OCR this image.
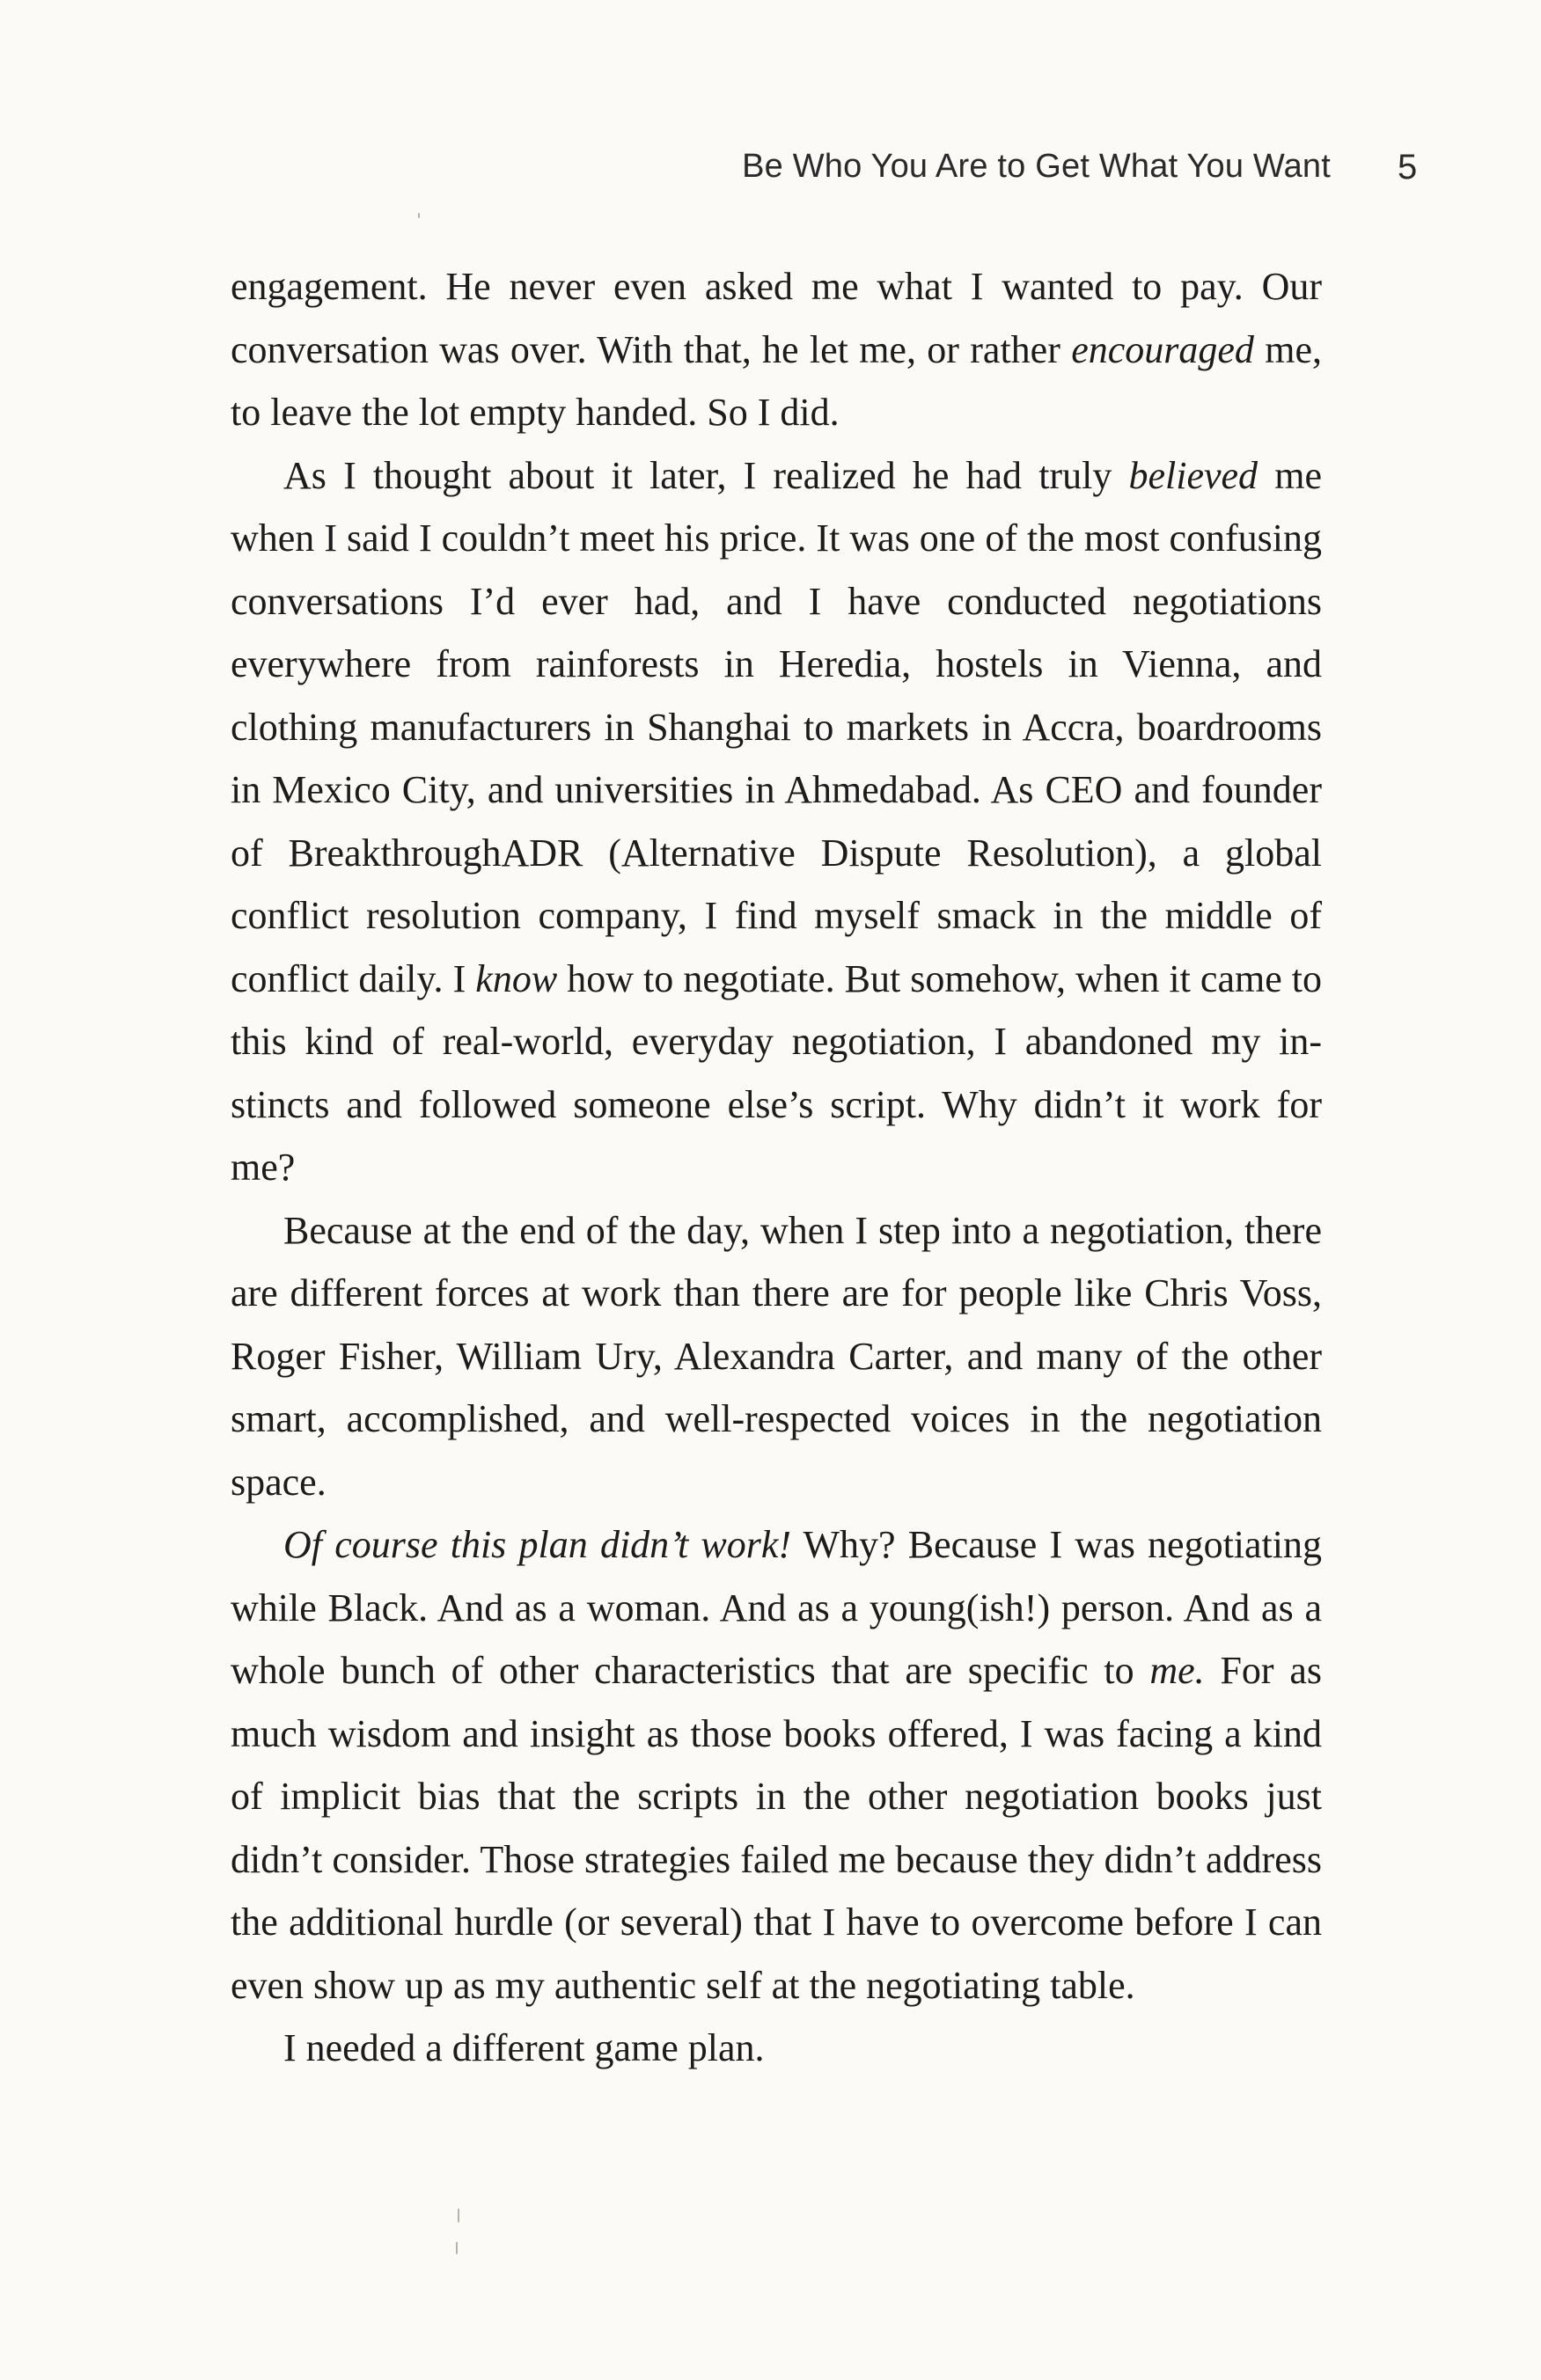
Be Who You Are to Get What You Want 5

engagement. He never even asked me what I wanted to pay. Our conversation was over. With that, he let me, or rather encouraged me, to leave the lot empty handed. So I did.

As I thought about it later, I realized he had truly believed me when I said I couldn’t meet his price. It was one of the most confusing conversations I’d ever had, and I have conducted negotiations everywhere from rainforests in Heredia, hostels in Vienna, and clothing manufacturers in Shanghai to markets in Accra, boardrooms in Mexico City, and universities in Ahmedabad. As CEO and founder of BreakthroughADR (Alternative Dispute Resolution), a global conflict resolution company, I find myself smack in the middle of conflict daily. I know how to negotiate. But somehow, when it came to this kind of real-world, everyday negotiation, I abandoned my instincts and followed someone else’s script. Why didn’t it work for me?

Because at the end of the day, when I step into a negotiation, there are different forces at work than there are for people like Chris Voss, Roger Fisher, William Ury, Alexandra Carter, and many of the other smart, accomplished, and well-respected voices in the negotiation space.

Of course this plan didn’t work! Why? Because I was negotiating while Black. And as a woman. And as a young(ish!) person. And as a whole bunch of other characteristics that are specific to me. For as much wisdom and insight as those books offered, I was facing a kind of implicit bias that the scripts in the other negotiation books just didn’t consider. Those strategies failed me because they didn’t address the additional hurdle (or several) that I have to overcome before I can even show up as my authentic self at the negotiating table.

I needed a different game plan.
